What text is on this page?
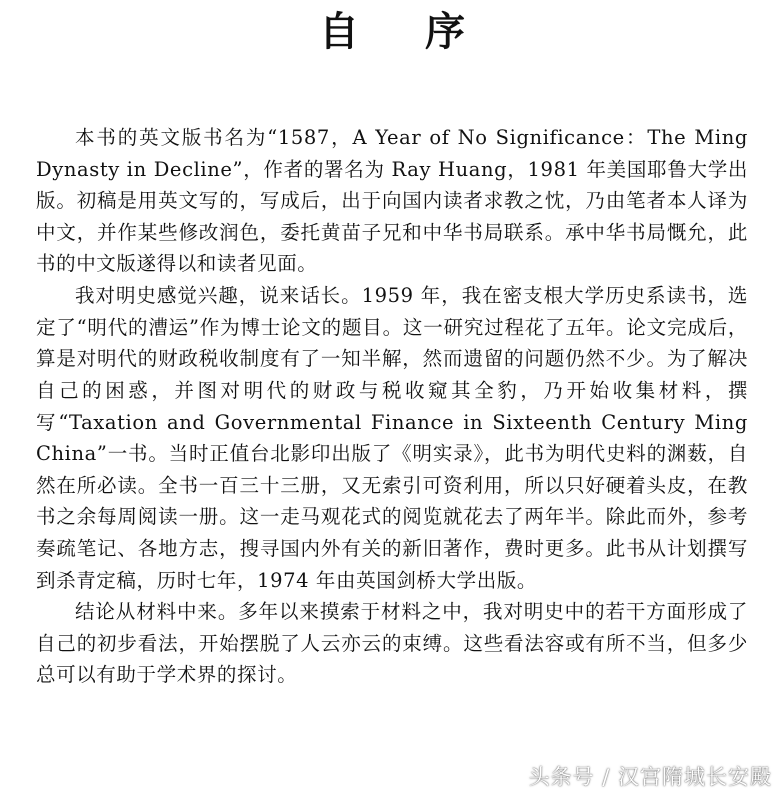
自 序

本书的英文版书名为“1587，A Year of No Significance：The Ming Dynasty in Decline”，作者的署名为 Ray Huang，1981 年美国耶鲁大学出版。初稿是用英文写的，写成后，出于向国内读者求教之忱，乃由笔者本人译为中文，并作某些修改润色，委托黄苗子兄和中华书局联系。承中华书局慨允，此书的中文版遂得以和读者见面。

我对明史感觉兴趣，说来话长。1959 年，我在密支根大学历史系读书，选定了“明代的漕运”作为博士论文的题目。这一研究过程花了五年。论文完成后，算是对明代的财政税收制度有了一知半解，然而遗留的问题仍然不少。为了解决自己的困惑，并图对明代的财政与税收窥其全豹，乃开始收集材料，撰写“Taxation and Governmental Finance in Sixteenth Century Ming China”一书。当时正值台北影印出版了《明实录》，此书为明代史料的渊薮，自然在所必读。全书一百三十三册，又无索引可资利用，所以只好硬着头皮，在教书之余每周阅读一册。这一走马观花式的阅览就花去了两年半。除此而外，参考奏疏笔记、各地方志，搜寻国内外有关的新旧著作，费时更多。此书从计划撰写到杀青定稿，历时七年，1974 年由英国剑桥大学出版。

结论从材料中来。多年以来摸索于材料之中，我对明史中的若干方面形成了自己的初步看法，开始摆脱了人云亦云的束缚。这些看法容或有所不当，但多少总可以有助于学术界的探讨。

头条号 / 汉宫隋城长安殿
